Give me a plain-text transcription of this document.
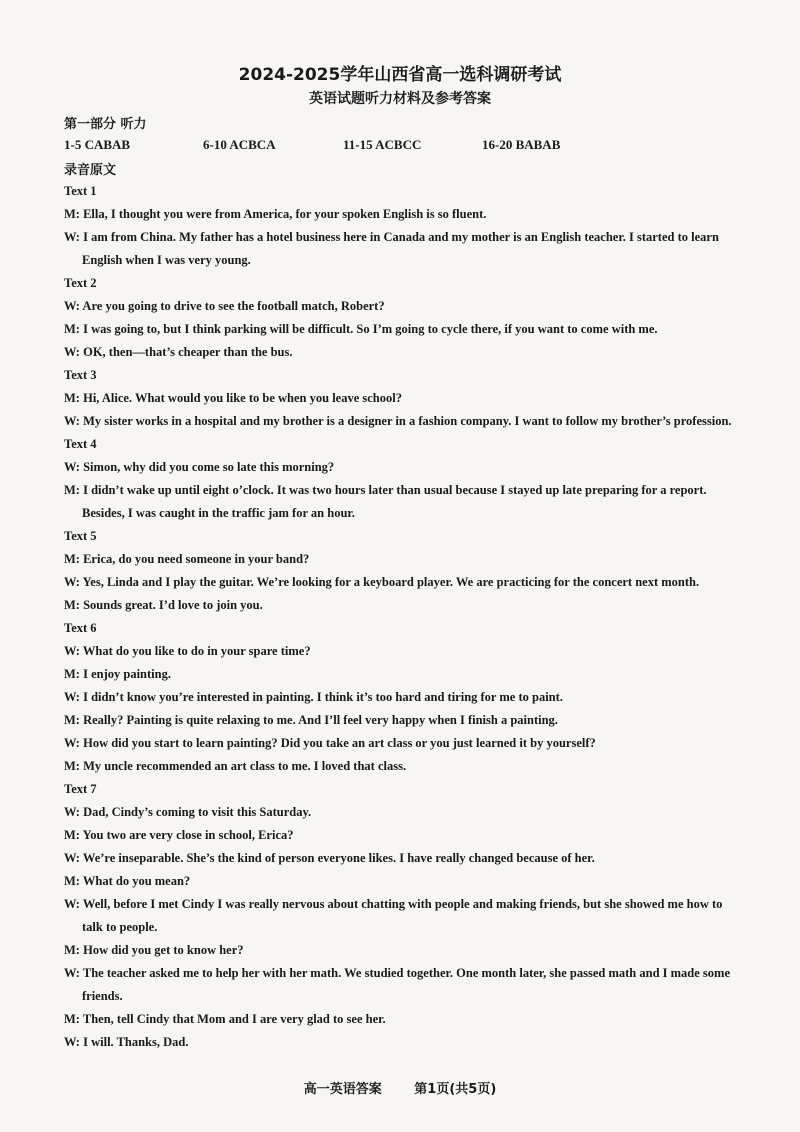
2024-2025学年山西省高一选科调研考试
英语试题听力材料及参考答案
第一部分 听力
1-5 CABAB	6-10 ACBCA	11-15 ACBCC	16-20 BABAB
录音原文
Text 1
M: Ella, I thought you were from America, for your spoken English is so fluent.
W: I am from China. My father has a hotel business here in Canada and my mother is an English teacher. I started to learn English when I was very young.
Text 2
W: Are you going to drive to see the football match, Robert?
M: I was going to, but I think parking will be difficult. So I’m going to cycle there, if you want to come with me.
W: OK, then—that’s cheaper than the bus.
Text 3
M: Hi, Alice. What would you like to be when you leave school?
W: My sister works in a hospital and my brother is a designer in a fashion company. I want to follow my brother’s profession.
Text 4
W: Simon, why did you come so late this morning?
M: I didn’t wake up until eight o’clock. It was two hours later than usual because I stayed up late preparing for a report. Besides, I was caught in the traffic jam for an hour.
Text 5
M: Erica, do you need someone in your band?
W: Yes, Linda and I play the guitar. We’re looking for a keyboard player. We are practicing for the concert next month.
M: Sounds great. I’d love to join you.
Text 6
W: What do you like to do in your spare time?
M: I enjoy painting.
W: I didn’t know you’re interested in painting. I think it’s too hard and tiring for me to paint.
M: Really? Painting is quite relaxing to me. And I’ll feel very happy when I finish a painting.
W: How did you start to learn painting? Did you take an art class or you just learned it by yourself?
M: My uncle recommended an art class to me. I loved that class.
Text 7
W: Dad, Cindy’s coming to visit this Saturday.
M: You two are very close in school, Erica?
W: We’re inseparable. She’s the kind of person everyone likes. I have really changed because of her.
M: What do you mean?
W: Well, before I met Cindy I was really nervous about chatting with people and making friends, but she showed me how to talk to people.
M: How did you get to know her?
W: The teacher asked me to help her with her math. We studied together. One month later, she passed math and I made some friends.
M: Then, tell Cindy that Mom and I are very glad to see her.
W: I will. Thanks, Dad.
高一英语答案	第1页(共5页)
